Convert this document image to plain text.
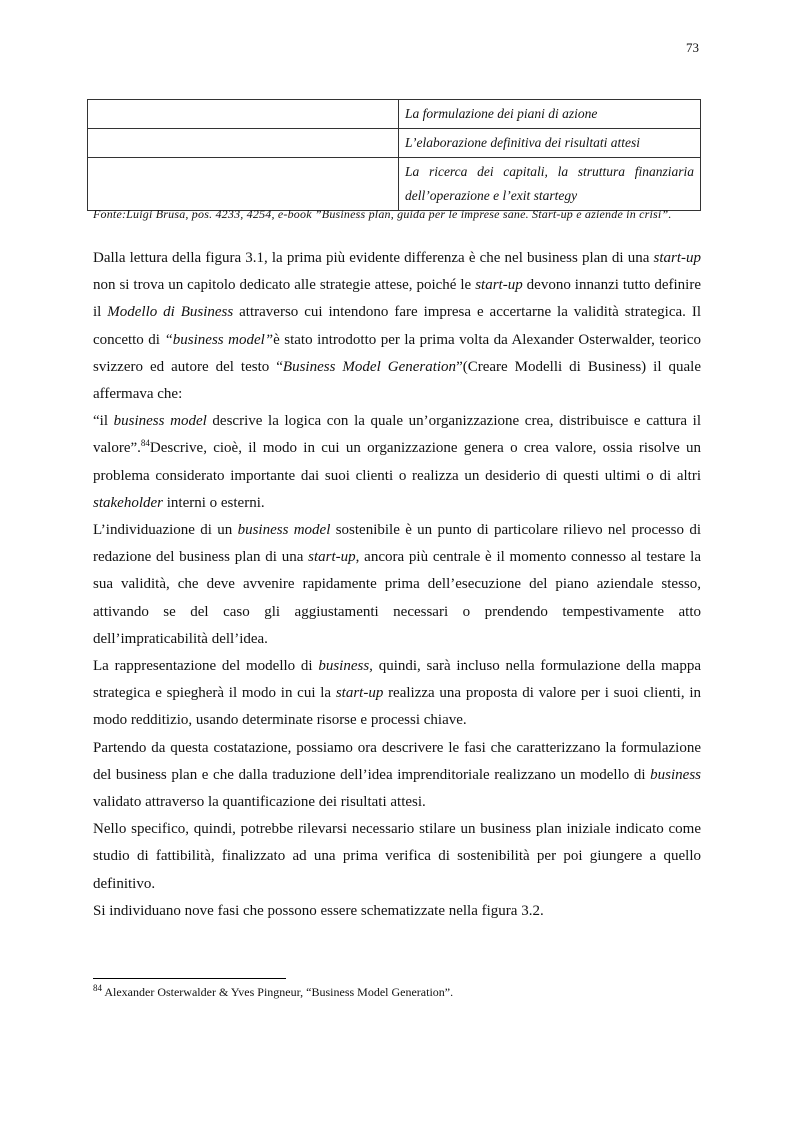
73
	La formulazione dei piani di azione
	L’elaborazione definitiva dei risultati attesi
	La ricerca dei capitali, la struttura finanziaria dell’operazione e l’exit startegy
Fonte:Luigi Brusa, pos. 4233, 4254, e-book ”Business plan, guida per le imprese sane. Start-up e aziende in crisi”.

Dalla lettura della figura 3.1, la prima più evidente differenza è che nel business plan di una start-up non si trova un capitolo dedicato alle strategie attese, poiché le start-up devono innanzi tutto definire il Modello di Business attraverso cui intendono fare impresa e accertarne la validità strategica. Il concetto di “business model”è stato introdotto per la prima volta da Alexander Osterwalder, teorico svizzero ed autore del testo “Business Model Generation”(Creare Modelli di Business) il quale affermava che:

“il business model descrive la logica con la quale un’organizzazione crea, distribuisce e cattura il valore”.$^{84}$Descrive, cioè, il modo in cui un organizzazione genera o crea valore, ossia risolve un problema considerato importante dai suoi clienti o realizza un desiderio di questi ultimi o di altri stakeholder interni o esterni.

L’individuazione di un business model sostenibile è un punto di particolare rilievo nel processo di redazione del business plan di una start-up, ancora più centrale è il momento connesso al testare la sua validità, che deve avvenire rapidamente prima dell’esecuzione del piano aziendale stesso, attivando se del caso gli aggiustamenti necessari o prendendo tempestivamente atto dell’impraticabilità dell’idea.

La rappresentazione del modello di business, quindi, sarà incluso nella formulazione della mappa strategica e spiegherà il modo in cui la start-up realizza una proposta di valore per i suoi clienti, in modo redditizio, usando determinate risorse e processi chiave.

Partendo da questa costatazione, possiamo ora descrivere le fasi che caratterizzano la formulazione del business plan e che dalla traduzione dell’idea imprenditoriale realizzano un modello di business validato attraverso la quantificazione dei risultati attesi.

Nello specifico, quindi, potrebbe rilevarsi necessario stilare un business plan iniziale indicato come studio di fattibilità, finalizzato ad una prima verifica di sostenibilità per poi giungere a quello definitivo.

Si individuano nove fasi che possono essere schematizzate nella figura 3.2.

$^{84}$ Alexander Osterwalder & Yves Pingneur, “Business Model Generation”.
